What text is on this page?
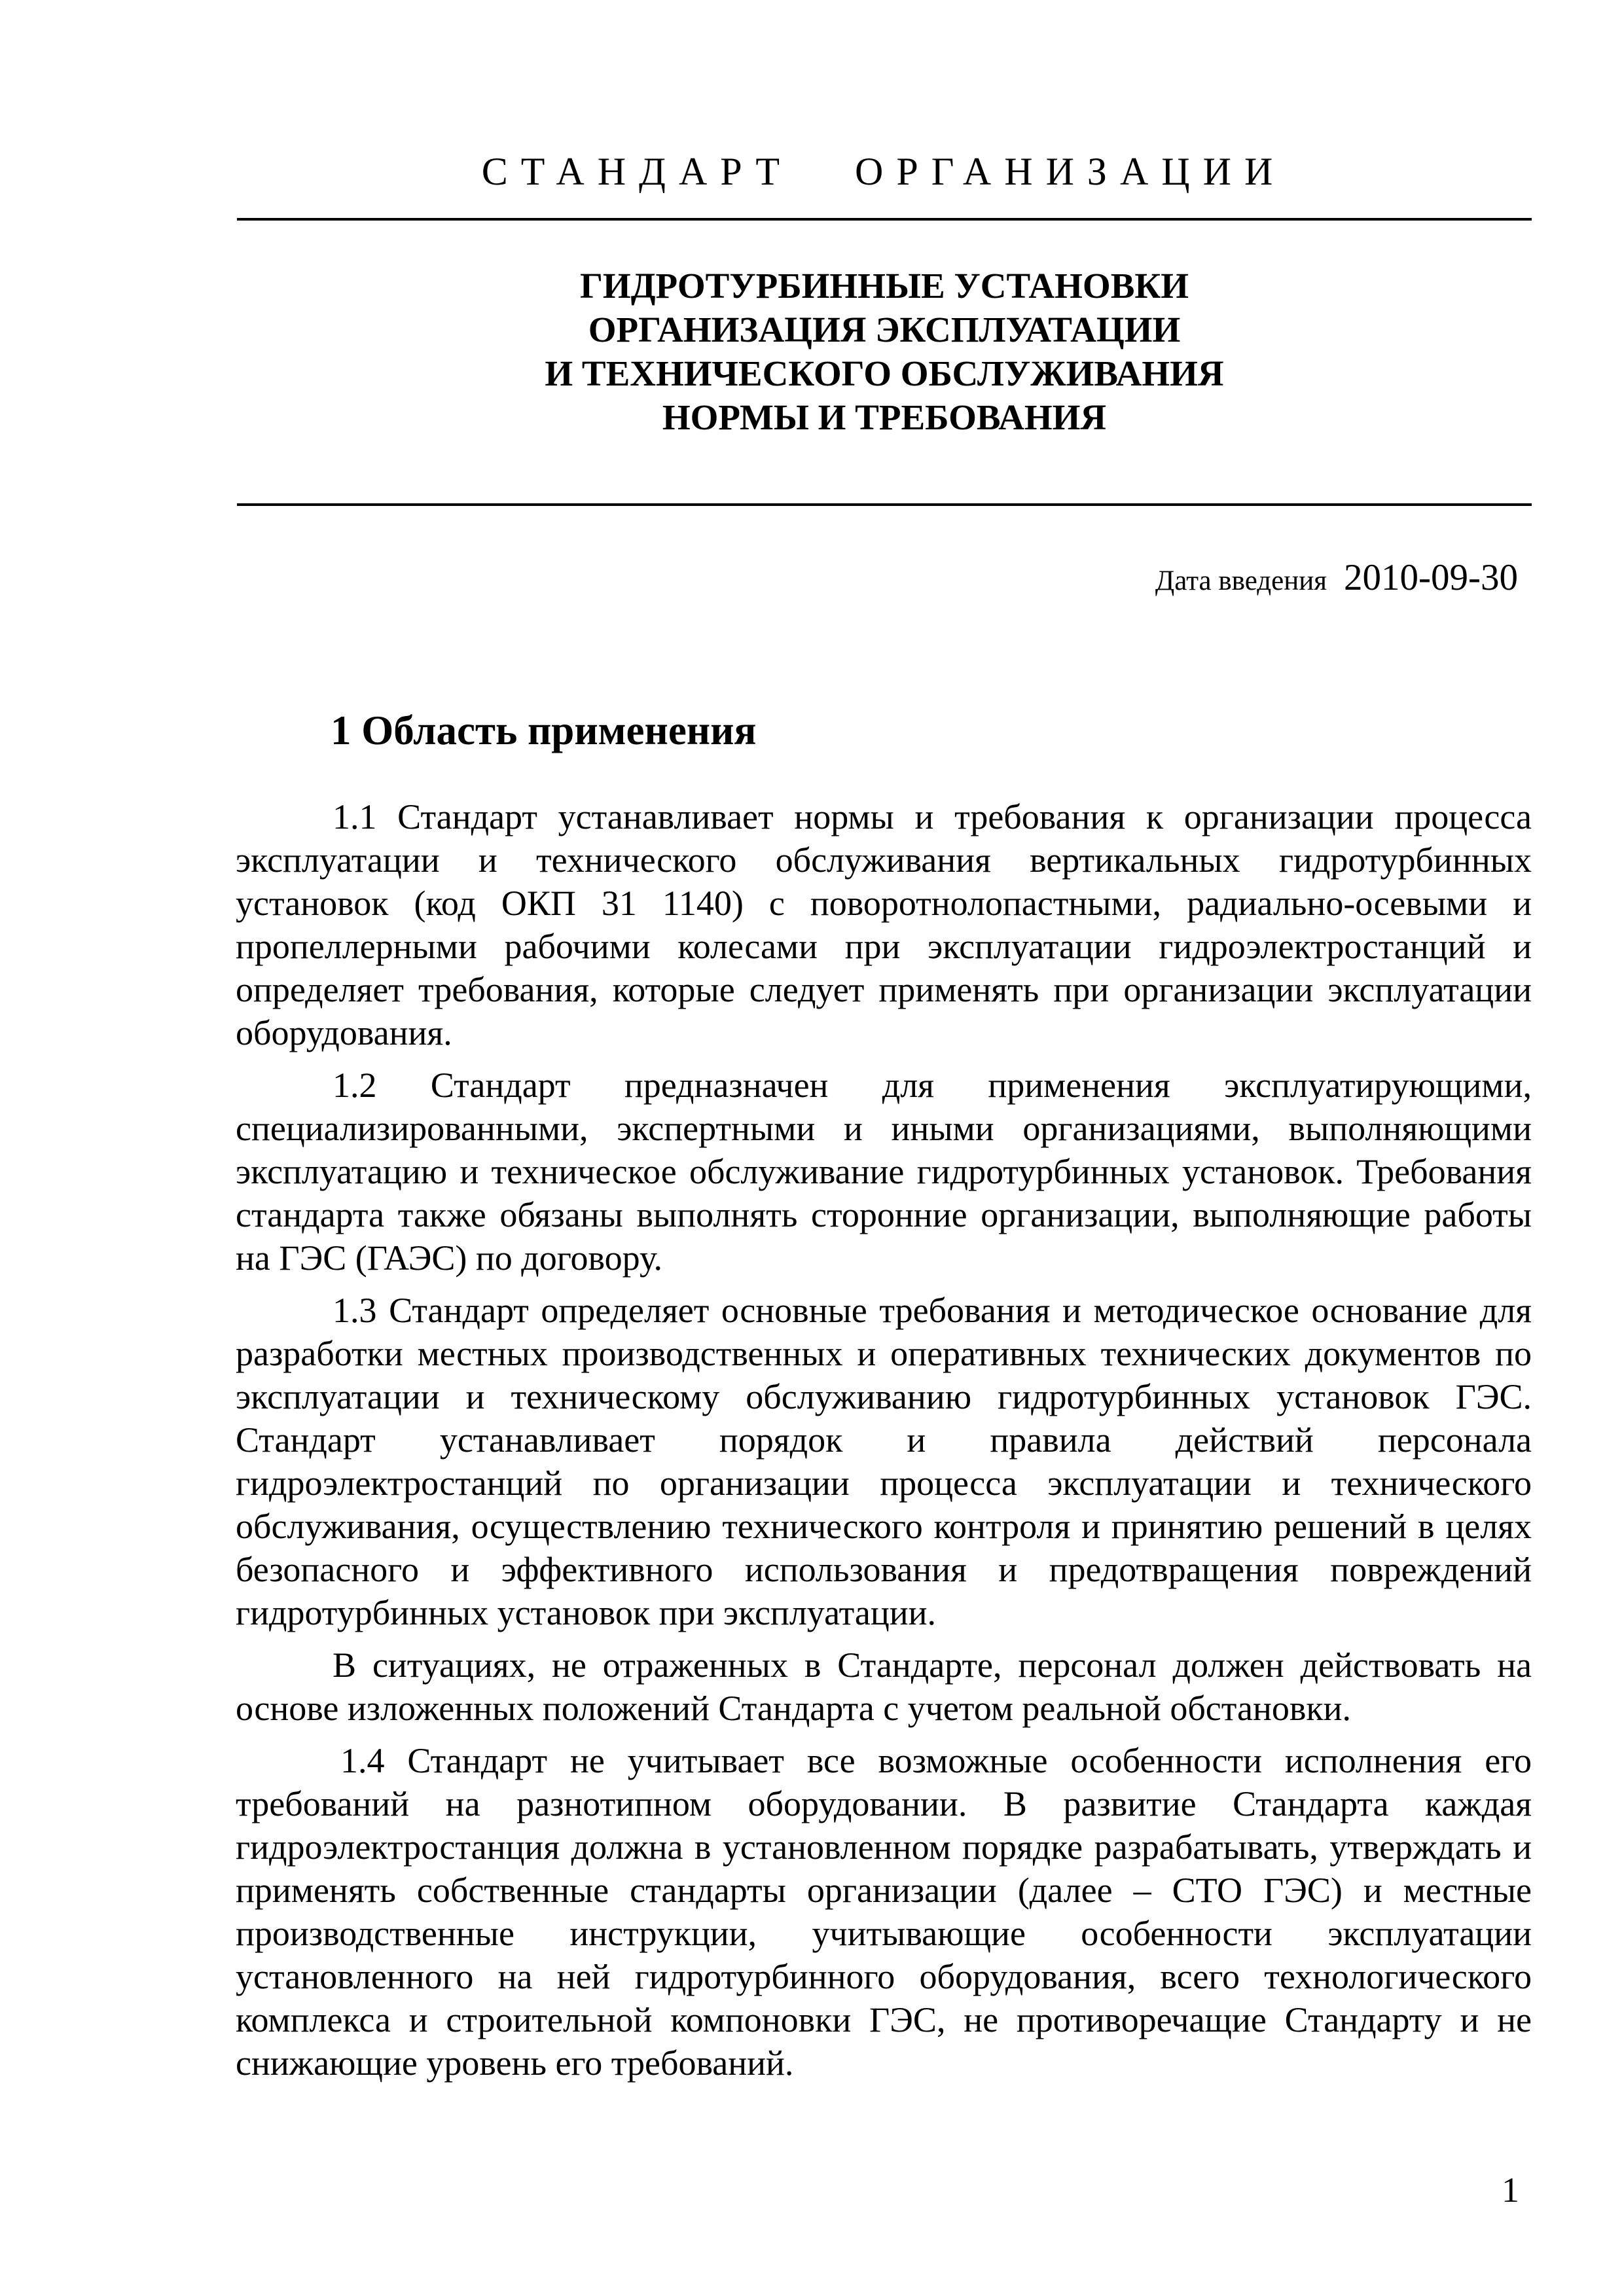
СТАНДАРТ ОРГАНИЗАЦИИ
ГИДРОТУРБИННЫЕ УСТАНОВКИ
ОРГАНИЗАЦИЯ ЭКСПЛУАТАЦИИ
И ТЕХНИЧЕСКОГО ОБСЛУЖИВАНИЯ
НОРМЫ И ТРЕБОВАНИЯ
Дата введения 2010-09-30
1 Область применения

1.1 Стандарт устанавливает нормы и требования к организации процесса эксплуатации и технического обслуживания вертикальных гидротурбинных установок (код ОКП 31 1140) с поворотнолопастными, радиально-осевыми и пропеллерными рабочими колесами при эксплуатации гидроэлектростанций и определяет требования, которые следует применять при организации эксплуатации оборудования.

1.2 Стандарт предназначен для применения эксплуатирующими, специализированными, экспертными и иными организациями, выполняющими эксплуатацию и техническое обслуживание гидротурбинных установок. Требования стандарта также обязаны выполнять сторонние организации, выполняющие работы на ГЭС (ГАЭС) по договору.

1.3 Стандарт определяет основные требования и методическое основание для разработки местных производственных и оперативных технических документов по эксплуатации и техническому обслуживанию гидротурбинных установок ГЭС. Стандарт устанавливает порядок и правила действий персонала гидроэлектростанций по организации процесса эксплуатации и технического обслуживания, осуществлению технического контроля и принятию решений в целях безопасного и эффективного использования и предотвращения повреждений гидротурбинных установок при эксплуатации.

В ситуациях, не отраженных в Стандарте, персонал должен действовать на основе изложенных положений Стандарта с учетом реальной обстановки.

1.4 Стандарт не учитывает все возможные особенности исполнения его требований на разнотипном оборудовании. В развитие Стандарта каждая гидроэлектростанция должна в установленном порядке разрабатывать, утверждать и применять собственные стандарты организации (далее – СТО ГЭС) и местные производственные инструкции, учитывающие особенности эксплуатации установленного на ней гидротурбинного оборудования, всего технологического комплекса и строительной компоновки ГЭС, не противоречащие Стандарту и не снижающие уровень его требований.

1
